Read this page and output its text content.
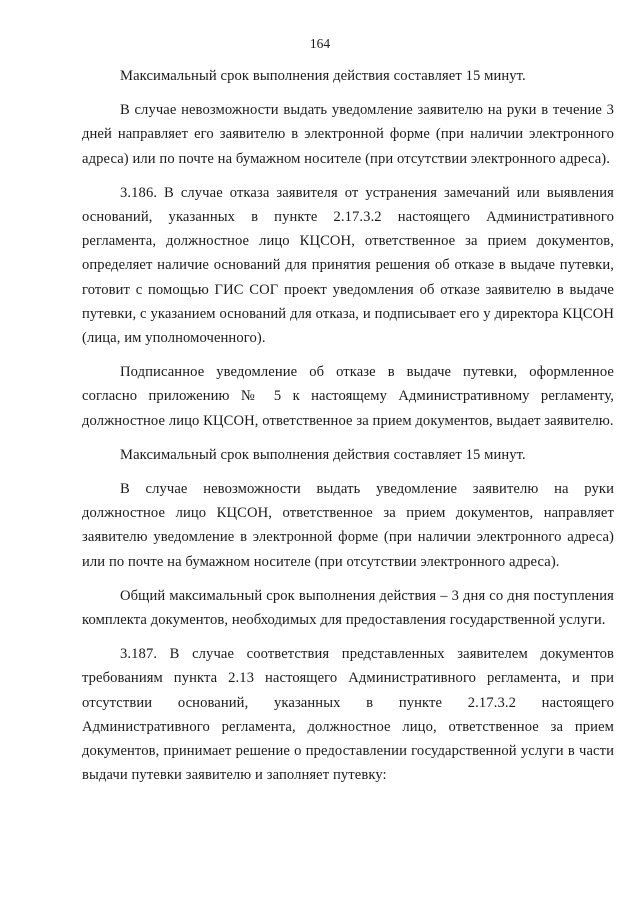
164

Максимальный срок выполнения действия составляет 15 минут.

В случае невозможности выдать уведомление заявителю на руки в течение 3 дней направляет его заявителю в электронной форме (при наличии электронного адреса) или по почте на бумажном носителе (при отсутствии электронного адреса).

3.186. В случае отказа заявителя от устранения замечаний или выявления оснований, указанных в пункте 2.17.3.2 настоящего Административного регламента, должностное лицо КЦСОН, ответственное за прием документов, определяет наличие оснований для принятия решения об отказе в выдаче путевки, готовит с помощью ГИС СОГ проект уведомления об отказе заявителю в выдаче путевки, с указанием оснований для отказа, и подписывает его у директора КЦСОН (лица, им уполномоченного).

Подписанное уведомление об отказе в выдаче путевки, оформленное согласно приложению № 5 к настоящему Административному регламенту, должностное лицо КЦСОН, ответственное за прием документов, выдает заявителю.

Максимальный срок выполнения действия составляет 15 минут.

В случае невозможности выдать уведомление заявителю на руки должностное лицо КЦСОН, ответственное за прием документов, направляет заявителю уведомление в электронной форме (при наличии электронного адреса) или по почте на бумажном носителе (при отсутствии электронного адреса).

Общий максимальный срок выполнения действия – 3 дня со дня поступления комплекта документов, необходимых для предоставления государственной услуги.

3.187. В случае соответствия представленных заявителем документов требованиям пункта 2.13 настоящего Административного регламента, и при отсутствии оснований, указанных в пункте 2.17.3.2 настоящего Административного регламента, должностное лицо, ответственное за прием документов, принимает решение о предоставлении государственной услуги в части выдачи путевки заявителю и заполняет путевку:
